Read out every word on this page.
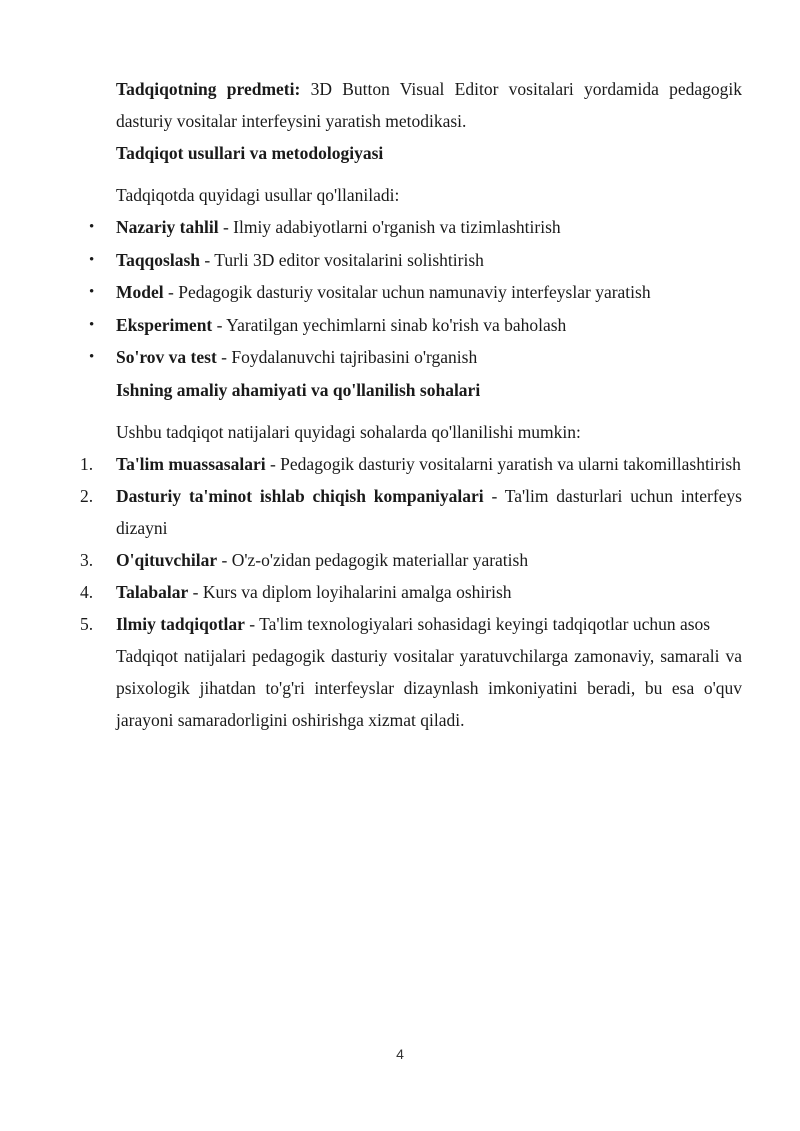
Tadqiqotning predmeti: 3D Button Visual Editor vositalari yordamida pedagogik dasturiy vositalar interfeysini yaratish metodikasi.

Tadqiqot usullari va metodologiyasi

Tadqiqotda quyidagi usullar qo'llaniladi:

• Nazariy tahlil - Ilmiy adabiyotlarni o'rganish va tizimlashtirish
• Taqqoslash - Turli 3D editor vositalarini solishtirish
• Model - Pedagogik dasturiy vositalar uchun namunaviy interfeyslar yaratish
• Eksperiment - Yaratilgan yechimlarni sinab ko'rish va baholash
• So'rov va test - Foydalanuvchi tajribasini o'rganish

Ishning amaliy ahamiyati va qo'llanilish sohalari

Ushbu tadqiqot natijalari quyidagi sohalarda qo'llanilishi mumkin:

1. Ta'lim muassasalari - Pedagogik dasturiy vositalarni yaratish va ularni takomillashtirish
2. Dasturiy ta'minot ishlab chiqish kompaniyalari - Ta'lim dasturlari uchun interfeys dizayni
3. O'qituvchilar - O'z-o'zidan pedagogik materiallar yaratish
4. Talabalar - Kurs va diplom loyihalarini amalga oshirish
5. Ilmiy tadqiqotlar - Ta'lim texnologiyalari sohasidagi keyingi tadqiqotlar uchun asos

Tadqiqot natijalari pedagogik dasturiy vositalar yaratuvchilarga zamonaviy, samarali va psixologik jihatdan to'g'ri interfeyslar dizaynlash imkoniyatini beradi, bu esa o'quv jarayoni samaradorligini oshirishga xizmat qiladi.

4
